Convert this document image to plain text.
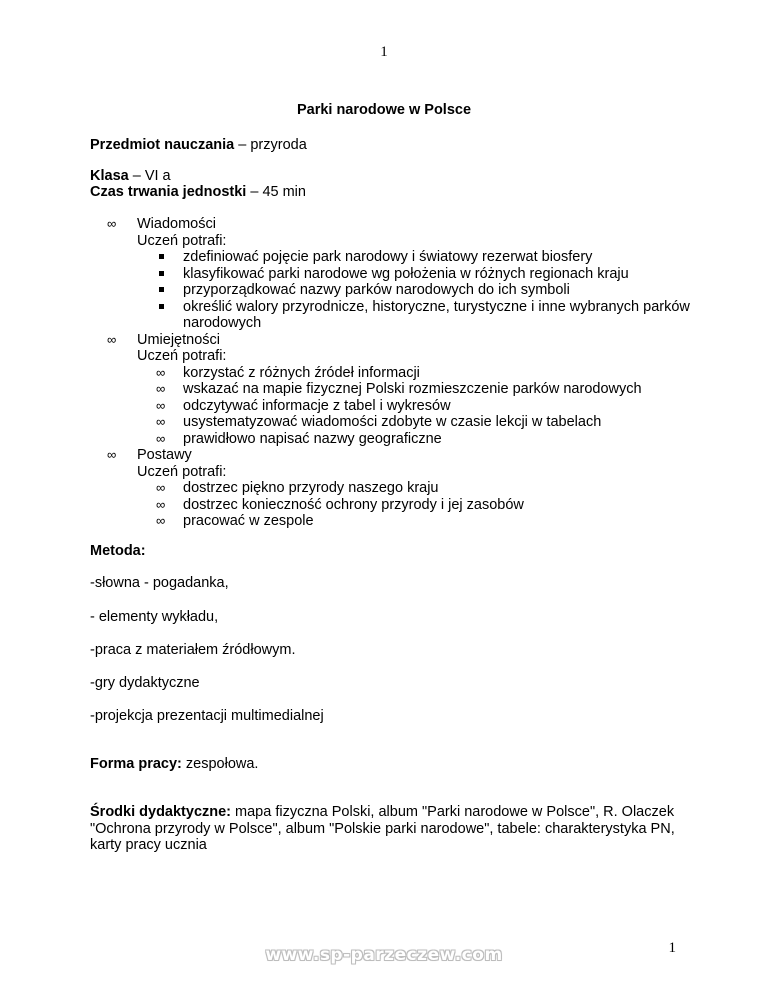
1
Parki narodowe w Polsce
Przedmiot nauczania – przyroda
Klasa – VI a
Czas trwania jednostki – 45 min
∞ Wiadomości
Uczeń potrafi:
zdefiniować pojęcie park narodowy i światowy rezerwat biosfery
klasyfikować parki narodowe wg położenia w różnych regionach kraju
przyporządkować nazwy parków narodowych do ich symboli
określić walory przyrodnicze, historyczne, turystyczne i inne wybranych parków narodowych
∞ Umiejętności
Uczeń potrafi:
∞ korzystać z różnych źródeł informacji
∞ wskazać na mapie fizycznej Polski rozmieszczenie parków narodowych
∞ odczytywać informacje z tabel i wykresów
∞ usystematyzować wiadomości zdobyte w czasie lekcji w tabelach
∞ prawidłowo napisać nazwy geograficzne
∞ Postawy
Uczeń potrafi:
∞ dostrzec piękno przyrody naszego kraju
∞ dostrzec konieczność ochrony przyrody i jej zasobów
∞ pracować w zespole
Metoda:
-słowna - pogadanka,
- elementy wykładu,
-praca z materiałem źródłowym.
-gry dydaktyczne
-projekcja prezentacji multimedialnej
Forma pracy: zespołowa.
Środki dydaktyczne: mapa fizyczna Polski, album "Parki narodowe w Polsce", R. Olaczek "Ochrona przyrody w Polsce", album "Polskie parki narodowe", tabele: charakterystyka PN, karty pracy ucznia
1
www.sp-parzeczew.com
